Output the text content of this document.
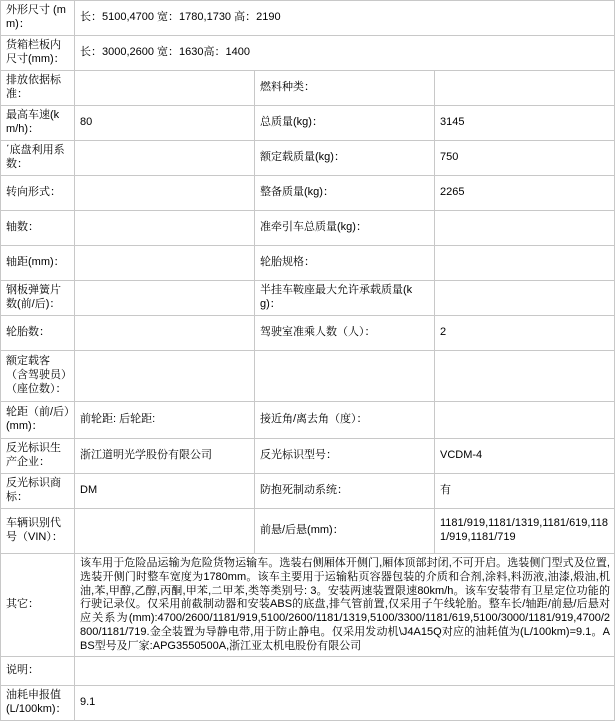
外形尺寸 (mm)：	长：5100,4700 宽：1780,1730 高：2190		
货箱栏板内尺寸(mm)：	长：3000,2600 宽：1630高：1400		
排放依据标准：		燃料种类：	
最高车速(km/h)：	80	总质量(kg)：	3145
΄底盘利用系数：		额定载质量(kg)：	750
转向形式：		整备质量(kg)：	2265
轴数：		准牵引车总质量(kg)：	
轴距(mm)：		轮胎规格：	
钢板弹簧片数(前/后)：		半挂车鞍座最大允许承载质量(kg)：	
轮胎数：		驾驶室准乘人数（人）：	2
额定载客（含驾驶员）（座位数）：			
轮距（前/后）(mm)：	前轮距: 后轮距:	接近角/离去角（度）：	
反光标识生产企业：	浙江道明光学股份有限公司	反光标识型号：	VCDM-4
反光标识商标：	DM	防抱死制动系统：	有
车辆识别代号（VIN）：		前悬/后悬(mm)：	1181/919,1181/1319,1181/619,1181/919,1181/719
其它：	该车用于危险品运输为危险货物运输车。选装右侧厢体开侧门,厢体顶部封闭,不可开启。选装侧门型式及位置,选装开侧门时整车宽度为1780mm。该车主要用于运输粘页容器包装的介质和合剂,涂料,料沥液,油漆,煅油,机油,苯,甲醇,乙醇,丙酮,甲苯,二甲苯,类等类别号: 3。安装两速装置限速80km/h。该车安装带有卫星定位功能的行驶记录仪。仅采用前截制动器和安装ABS的底盘,排气管前置,仅采用子午线轮胎。整车长/轴距/前悬/后悬对应关系为(mm):4700/2600/1181/919,5100/2600/1181/1319,5100/3300/1181/619,5100/3000/1181/919,4700/2800/1181/719.金全装置为导静电带,用于防止静电。仅采用发动机\J4A15Q对应的油耗值为(L/100km)=9.1。ABS型号及厂家:APG3550500A,浙江亚太机电股份有限公司		
说明：			
油耗申报值(L/100km)：	9.1		
